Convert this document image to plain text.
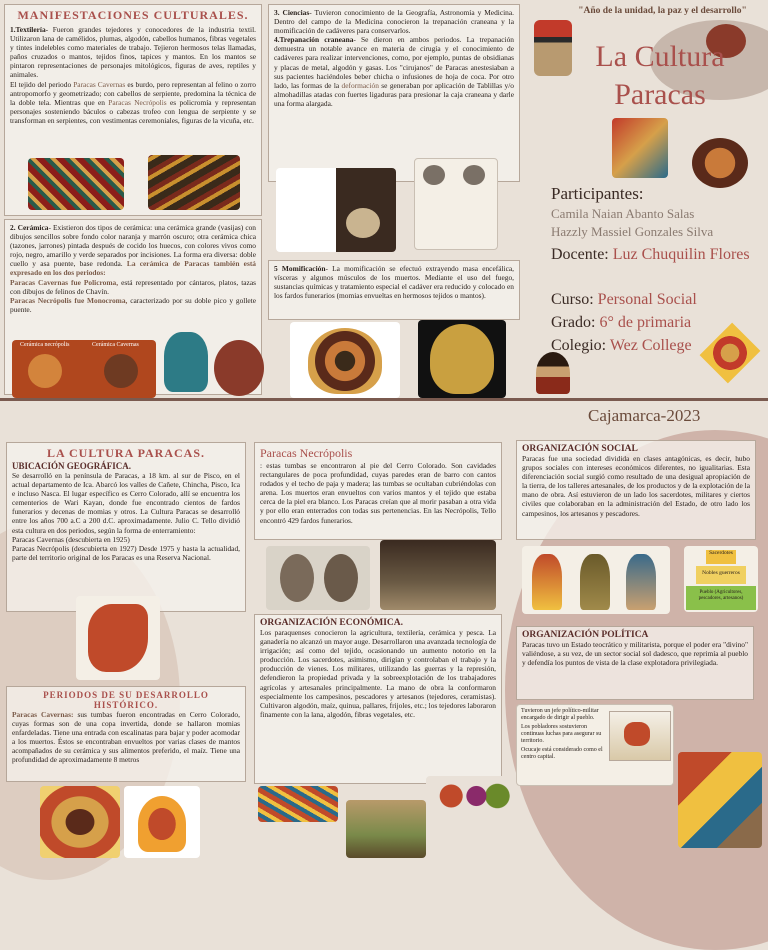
MANIFESTACIONES CULTURALES.

1.Textilería- Fueron grandes tejedores y conocedores de la industria textil. Utilizaron lana de camélidos, plumas, algodón, cabellos humanos, fibras vegetales y tintes indelebles como materiales de trabajo. Tejieron hermosos telas llamadas, paños cruzados o mantos, tejidos finos, tapices y mantos. En los mantos se pintaron representaciones de personajes mitológicos, figuras de aves, reptiles y animales.

El tejido del periodo Paracas Cavernas es burdo, pero representan al felino o zorro antropomorfo y geometrizado; con cabellos de serpiente, predomina la técnica de la doble tela. Mientras que en Paracas Necrópolis es policromía y representan personajes sosteniendo báculos o cabezas trofeo con lengua de serpiente y se transforman en serpientes, con vestimentas ceremoniales, figuras de la vicuña, etc.

2. Cerámica- Existieron dos tipos de cerámica: una cerámica grande (vasijas) con dibujos sencillos sobre fondo color naranja y marrón oscuro; otra cerámica chica (tazones, jarrones) pintada después de cocido los huecos, con colores vivos como rojo, negro, amarillo y verde separados por incisiones. La forma era diversa: doble cuello y asa puente, base redonda. La cerámica de Paracas también está expresado en los dos periodos:

Paracas Cavernas fue Policroma, está representado por cántaros, platos, tazas con dibujos de felinos de Chavín.

Paracas Necrópolis fue Monocroma, caracterizado por su doble pico y gollete puente.

Cerámica necrópolis	Cerámica Cavernas

3. Ciencias- Tuvieron conocimiento de la Geografía, Astronomía y Medicina. Dentro del campo de la Medicina conocieron la trepanación craneana y la momificación de cadáveres para conservarlos.

4.Trepanación craneana- Se dieron en ambos periodos. La trepanación demuestra un notable avance en materia de cirugía y el conocimiento de cadáveres para realizar intervenciones, como, por ejemplo, puntas de obsidianas y placas de metal, algodón y gasas. Los "cirujanos" de Paracas anestesiaban a sus pacientes haciéndoles beber chicha o infusiones de hoja de coca. Por otro lado, las formas de la deformación se generaban por aplicación de Tablillas y/o almohadillas atadas con fuertes ligaduras para presionar la caja craneana y darle una forma alargada.

5 Momificación- La momificación se efectuó extrayendo masa encefálica, vísceras y algunos músculos de los muertos. Mediante el uso del fuego, sustancias químicas y tratamiento especial el cadáver era reducido y colocado en los fardos funerarios (momias envueltas en hermosos tejidos o mantos).

"Año de la unidad, la paz y el desarrollo"
La Cultura
Paracas
Participantes:
Camila Naian Abanto Salas
Hazzly Massiel Gonzales Silva
Docente: Luz Chuquilin Flores
Curso: Personal Social
Grado: 6° de primaria
Colegio: Wez College
Cajamarca-2023
LA CULTURA PARACAS.
UBICACIÓN GEOGRÁFICA.

Se desarrolló en la península de Paracas, a 18 km. al sur de Pisco, en el actual departamento de Ica. Abarcó los valles de Cañete, Chincha, Pisco, Ica e incluso Nasca. El lugar específico es Cerro Colorado, allí se encuentra los cementerios de Wari Kayan, donde fue encontrado cientos de fardos funerarios y decenas de momias y otros. La Cultura Paracas se desarrolló entre los años 700 a.C a 200 d.C. aproximadamente. Julio C. Tello dividió esta cultura en dos periodos, según la forma de enterramiento:

Paracas Cavernas (descubierta en 1925)

Paracas Necrópolis (descubierta en 1927) Desde 1975 y hasta la actualidad, parte del territorio original de los Paracas es una Reserva Nacional.

PERIODOS DE SU DESARROLLO HISTÓRICO.

Paracas Cavernas: sus tumbas fueron encontradas en Cerro Colorado, cuyas formas son de una copa invertida, donde se hallaron momias enfardeladas. Tiene una entrada con escalinatas para bajar y poder acomodar a los muertos. Éstos se encontraban envueltos por varias clases de mantos acompañados de su cerámica y sus alimentos preferido, el maíz. Tiene una profundidad de aproximadamente 8 metros

Paracas Necrópolis

: estas tumbas se encontraron al pie del Cerro Colorado. Son cavidades rectangulares de poca profundidad, cuyas paredes eran de barro con cantos rodados y el techo de paja y madera; las tumbas se ocultaban cubriéndolas con arena. Los muertos eran envueltos con varios mantos y el tejido que estaba cerca de la piel era blanco. Los Paracas creían que al morir pasaban a otra vida y por ello eran enterrados con todas sus pertenencias. En las Necrópolis, Tello encontró 429 fardos funerarios.

ORGANIZACIÓN ECONÓMICA.

Los paraquenses conocieron la agricultura, textilería, cerámica y pesca. La ganadería no alcanzó un mayor auge. Desarrollaron una avanzada tecnología de irrigación; así como del tejido, ocasionando un aumento notorio en la producción. Los sacerdotes, asimismo, dirigían y controlaban el trabajo y la producción de vienes. Los militares, utilizando las guerras y la represión, defendieron la propiedad privada y la sobreexplotación de los trabajadores agrícolas y artesanales principalmente. La mano de obra la conformaron especialmente los campesinos, pescadores y artesanos (tejedores, ceramistas). Cultivaron algodón, maíz, quinua, pallares, frijoles, etc.; los tejedores laboraron finamente con la lana, algodón, fibras vegetales, etc.

ORGANIZACIÓN SOCIAL

Paracas fue una sociedad dividida en clases antagónicas, es decir, hubo grupos sociales con intereses económicos diferentes, no igualitarias. Esta diferenciación social surgió como resultado de una desigual apropiación de la tierra, de los talleres artesanales, de los productos y de la explotación de la mano de obra. Así estuvieron de un lado los sacerdotes, militares y ciertos civiles que colaboraban en la administración del Estado, de otro lado los campesinos, los artesanos y pescadores.

Sacerdotes
Nobles guerreros
Pueblo (Agricultores, pescadores, artesanos)
ORGANIZACIÓN POLÍTICA

Paracas tuvo un Estado teocrático y militarista, porque el poder era "divino" valiéndose, a su vez, de un sector social sol dadesco, que reprimía al pueblo y defendía los puntos de vista de la clase explotadora privilegiada.

Tuvieron un jefe político-militar encargado de dirigir al pueblo.
Los pobladores sostuvieron continuas luchas para asegurar su territorio.
Ocucaje está considerado como el centro capital.
